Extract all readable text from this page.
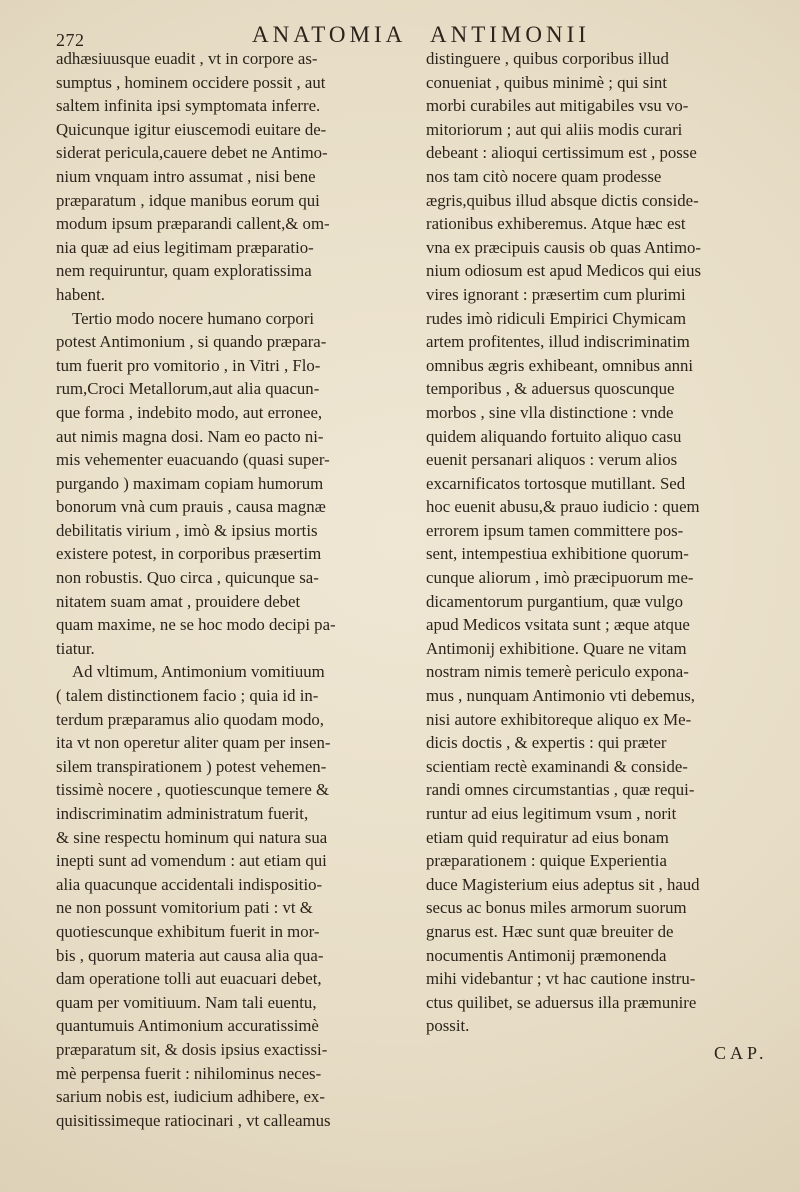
272	ANATOMIA ANTIMONII
adhæsiuusque euadit , vt in corpore as-
sumptus , hominem occidere possit , aut
saltem infinita ipsi symptomata inferre.
Quicunque igitur eiuscemodi euitare de-
siderat pericula,cauere debet ne Antimo-
nium vnquam intro assumat , nisi bene
præparatum , idque manibus eorum qui
modum ipsum præparandi callent,& om-
nia quæ ad eius legitimam præparatio-
nem requiruntur, quam exploratissima
habent.
Tertio modo nocere humano corpori
potest Antimonium , si quando præpara-
tum fuerit pro vomitorio , in Vitri , Flo-
rum,Croci Metallorum,aut alia quacun-
que forma , indebito modo, aut erronee,
aut nimis magna dosi. Nam eo pacto ni-
mis vehementer euacuando (quasi super-
purgando ) maximam copiam humorum
bonorum vnà cum prauis , causa magnæ
debilitatis virium , imò & ipsius mortis
existere potest, in corporibus præsertim
non robustis. Quo circa , quicunque sa-
nitatem suam amat , prouidere debet
quam maxime, ne se hoc modo decipi pa-
tiatur.
Ad vltimum, Antimonium vomitiuum
( talem distinctionem facio ; quia id in-
terdum præparamus alio quodam modo,
ita vt non operetur aliter quam per insen-
silem transpirationem ) potest vehemen-
tissimè nocere , quotiescunque temere &
indiscriminatim administratum fuerit,
& sine respectu hominum qui natura sua
inepti sunt ad vomendum : aut etiam qui
alia quacunque accidentali indispositio-
ne non possunt vomitorium pati : vt &
quotiescunque exhibitum fuerit in mor-
bis , quorum materia aut causa alia qua-
dam operatione tolli aut euacuari debet,
quam per vomitiuum. Nam tali euentu,
quantumuis Antimonium accuratissimè
præparatum sit, & dosis ipsius exactissi-
mè perpensa fuerit : nihilominus neces-
sarium nobis est, iudicium adhibere, ex-
quisitissimeque ratiocinari , vt calleamus
distinguere , quibus corporibus illud
conueniat , quibus minimè ; qui sint
morbi curabiles aut mitigabiles vsu vo-
mitoriorum ; aut qui aliis modis curari
debeant : alioqui certissimum est , posse
nos tam citò nocere quam prodesse
ægris,quibus illud absque dictis conside-
rationibus exhiberemus. Atque hæc est
vna ex præcipuis causis ob quas Antimo-
nium odiosum est apud Medicos qui eius
vires ignorant : præsertim cum plurimi
rudes imò ridiculi Empirici Chymicam
artem profitentes, illud indiscriminatim
omnibus ægris exhibeant, omnibus anni
temporibus , & aduersus quoscunque
morbos , sine vlla distinctione : vnde
quidem aliquando fortuito aliquo casu
euenit persanari aliquos : verum alios
excarnificatos tortosque mutillant. Sed
hoc euenit abusu,& prauo iudicio : quem
errorem ipsum tamen committere pos-
sent, intempestiua exhibitione quorum-
cunque aliorum , imò præcipuorum me-
dicamentorum purgantium, quæ vulgo
apud Medicos vsitata sunt ; æque atque
Antimonij exhibitione. Quare ne vitam
nostram nimis temerè periculo expona-
mus , nunquam Antimonio vti debemus,
nisi autore exhibitoreque aliquo ex Me-
dicis doctis , & expertis : qui præter
scientiam rectè examinandi & conside-
randi omnes circumstantias , quæ requi-
runtur ad eius legitimum vsum , norit
etiam quid requiratur ad eius bonam
præparationem : quique Experientia
duce Magisterium eius adeptus sit , haud
secus ac bonus miles armorum suorum
gnarus est. Hæc sunt quæ breuiter de
nocumentis Antimonij præmonenda
mihi videbantur ; vt hac cautione instru-
ctus quilibet, se aduersus illa præmunire
possit.
CAP.
